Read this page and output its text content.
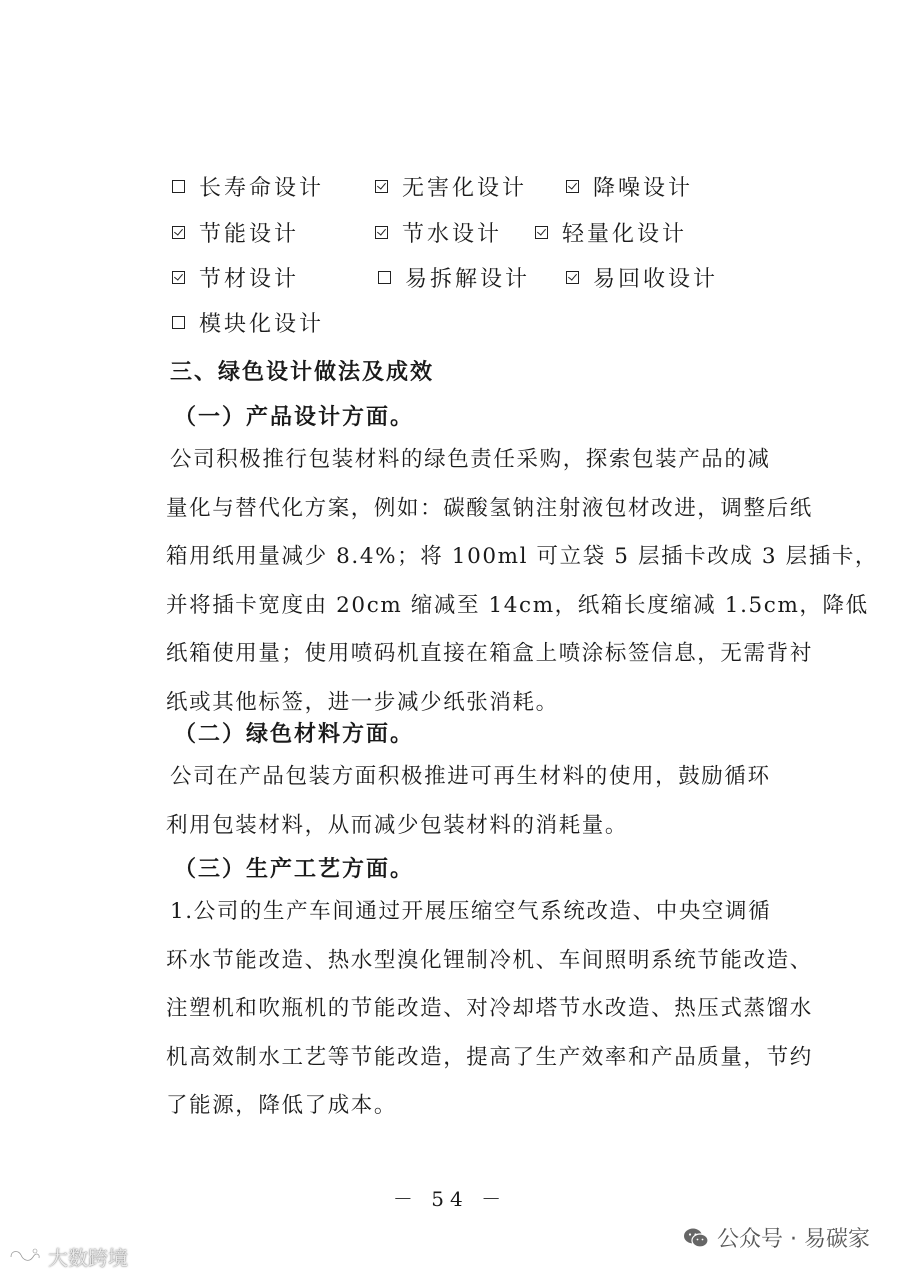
长寿命设计	无害化设计	降噪设计
节能设计	节水设计	轻量化设计
节材设计	易拆解设计	易回收设计
模块化设计
三、绿色设计做法及成效
（一）产品设计方面。
公司积极推行包装材料的绿色责任采购，探索包装产品的减
量化与替代化方案，例如：碳酸氢钠注射液包材改进，调整后纸
箱用纸用量减少 8.4%；将 100ml 可立袋 5 层插卡改成 3 层插卡，
并将插卡宽度由 20cm 缩减至 14cm，纸箱长度缩减 1.5cm，降低
纸箱使用量；使用喷码机直接在箱盒上喷涂标签信息，无需背衬
纸或其他标签，进一步减少纸张消耗。
（二）绿色材料方面。
公司在产品包装方面积极推进可再生材料的使用，鼓励循环
利用包装材料，从而减少包装材料的消耗量。
（三）生产工艺方面。
1.公司的生产车间通过开展压缩空气系统改造、中央空调循
环水节能改造、热水型溴化锂制冷机、车间照明系统节能改造、
注塑机和吹瓶机的节能改造、对冷却塔节水改造、热压式蒸馏水
机高效制水工艺等节能改造，提高了生产效率和产品质量，节约
了能源，降低了成本。
－ 54 －
公众号 · 易碳家
大数跨境
